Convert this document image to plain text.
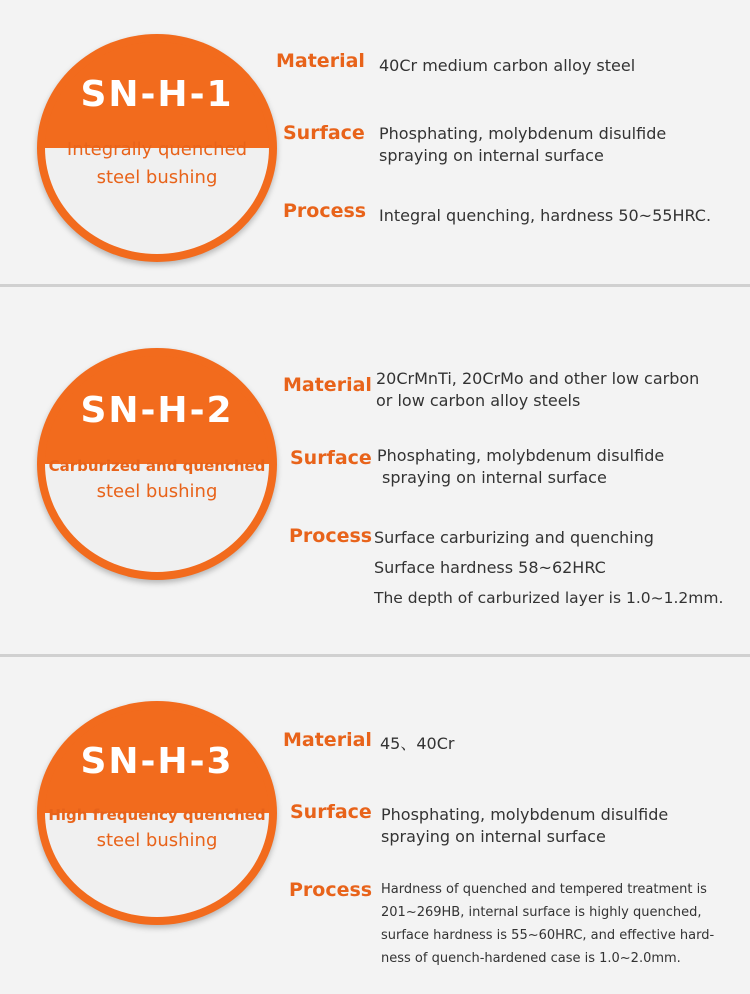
SN-H-1
Integrally quenched
steel bushing
Material 40Cr medium carbon alloy steel
Surface Phosphating, molybdenum disulfide
spraying on internal surface
Process Integral quenching, hardness 50~55HRC.
SN-H-2
Carburized and quenched
steel bushing
Material 20CrMnTi, 20CrMo and other low carbon
or low carbon alloy steels
Surface Phosphating, molybdenum disulfide
spraying on internal surface
Process Surface carburizing and quenching
Surface hardness 58~62HRC
The depth of carburized layer is 1.0~1.2mm.
SN-H-3
High frequency quenched
steel bushing
Material 45、40Cr
Surface Phosphating, molybdenum disulfide
spraying on internal surface
Process Hardness of quenched and tempered treatment is
201~269HB, internal surface is highly quenched,
surface hardness is 55~60HRC, and effective hard-
ness of quench-hardened case is 1.0~2.0mm.
